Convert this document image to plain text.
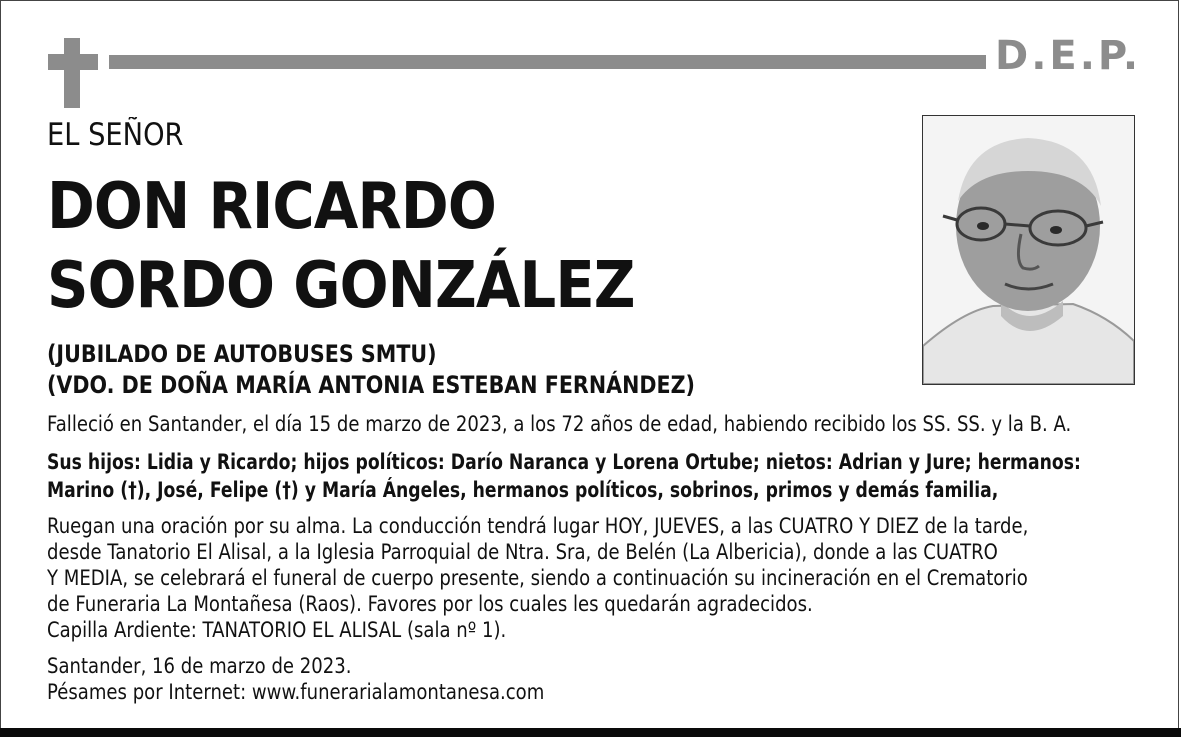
D.E.P.
EL SEÑOR
DON RICARDO
SORDO GONZÁLEZ
(JUBILADO DE AUTOBUSES SMTU)
(VDO. DE DOÑA MARÍA ANTONIA ESTEBAN FERNÁNDEZ)
Falleció en Santander, el día 15 de marzo de 2023, a los 72 años de edad, habiendo recibido los SS. SS. y la B. A.
Sus hijos: Lidia y Ricardo; hijos políticos: Darío Naranca y Lorena Ortube; nietos: Adrian y Jure; hermanos:
Marino (†), José, Felipe (†) y María Ángeles, hermanos políticos, sobrinos, primos y demás familia,
Ruegan una oración por su alma. La conducción tendrá lugar HOY, JUEVES, a las CUATRO Y DIEZ de la tarde,
desde Tanatorio El Alisal, a la Iglesia Parroquial de Ntra. Sra, de Belén (La Albericia), donde a las CUATRO
Y MEDIA, se celebrará el funeral de cuerpo presente, siendo a continuación su incineración en el Crematorio
de Funeraria La Montañesa (Raos). Favores por los cuales les quedarán agradecidos.
Capilla Ardiente: TANATORIO EL ALISAL (sala nº 1).
Santander, 16 de marzo de 2023.
Pésames por Internet: www.funerarialamontanesa.com
